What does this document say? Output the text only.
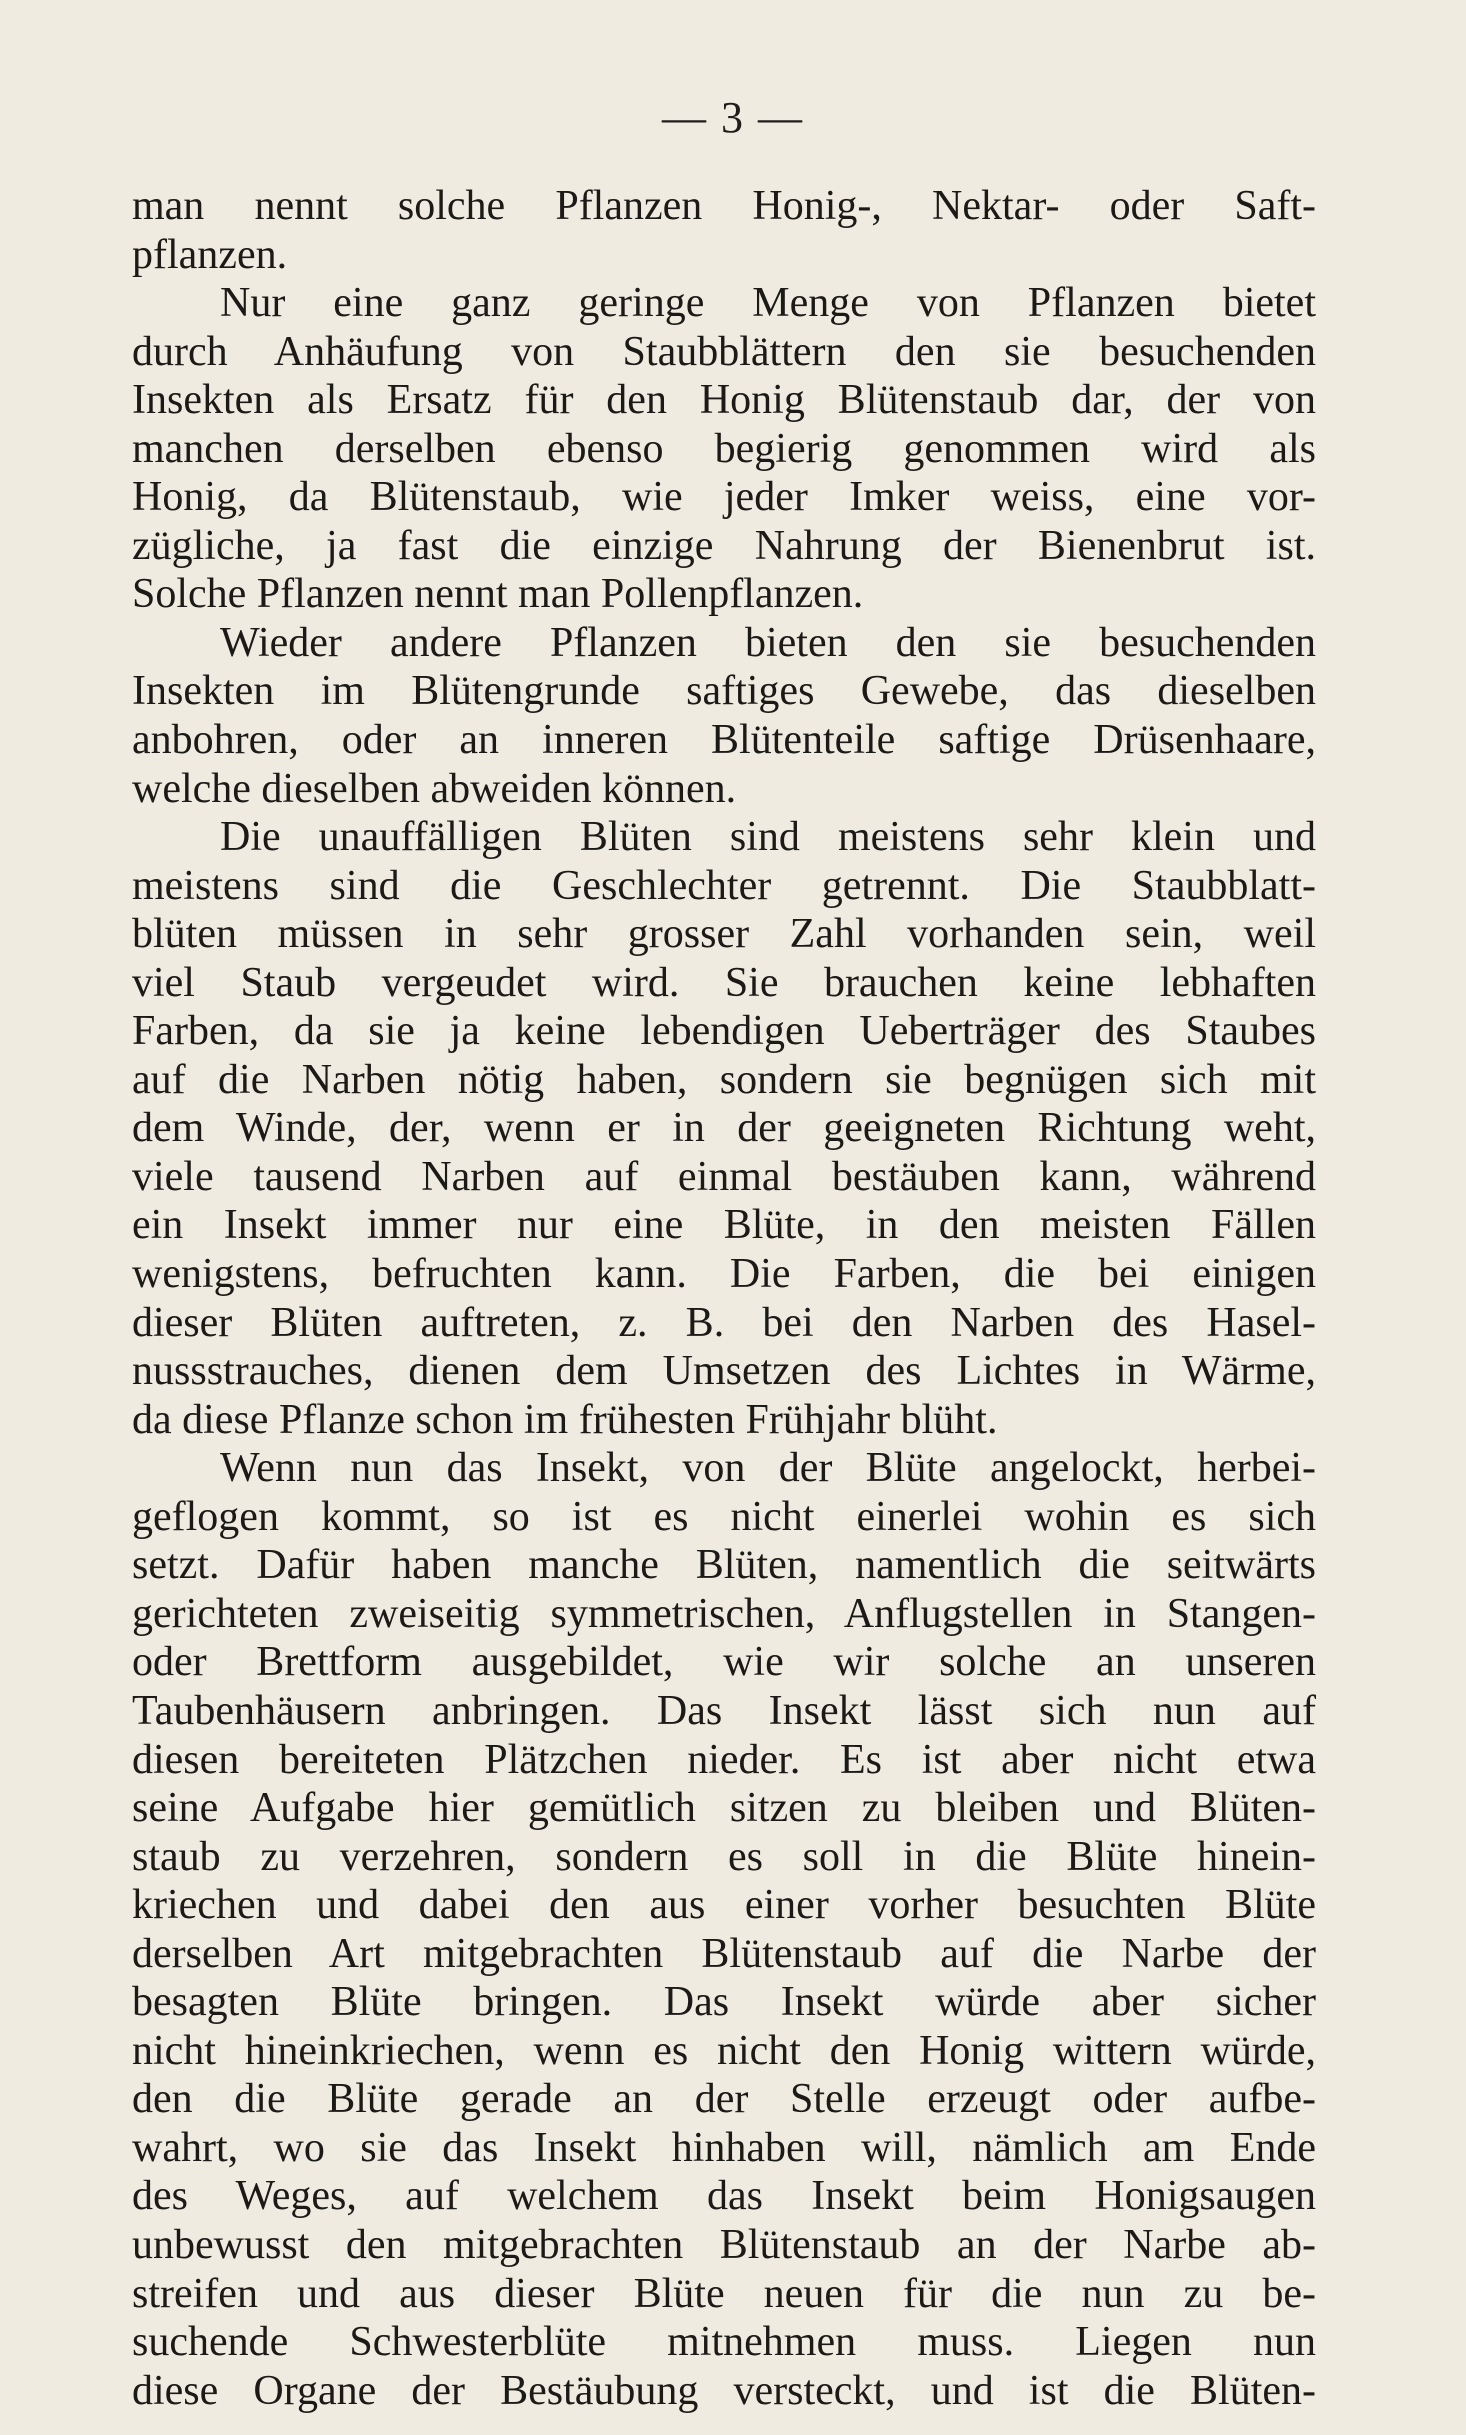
— 3 —

man nennt solche Pflanzen Honig-, Nektar- oder Saft-

pflanzen.

Nur eine ganz geringe Menge von Pflanzen bietet

durch Anhäufung von Staubblättern den sie besuchenden

Insekten als Ersatz für den Honig Blütenstaub dar, der von

manchen derselben ebenso begierig genommen wird als

Honig, da Blütenstaub, wie jeder Imker weiss, eine vor-

zügliche, ja fast die einzige Nahrung der Bienenbrut ist.

Solche Pflanzen nennt man Pollenpflanzen.

Wieder andere Pflanzen bieten den sie besuchenden

Insekten im Blütengrunde saftiges Gewebe, das dieselben

anbohren, oder an inneren Blütenteile saftige Drüsenhaare,

welche dieselben abweiden können.

Die unauffälligen Blüten sind meistens sehr klein und

meistens sind die Geschlechter getrennt. Die Staubblatt-

blüten müssen in sehr grosser Zahl vorhanden sein, weil

viel Staub vergeudet wird. Sie brauchen keine lebhaften

Farben, da sie ja keine lebendigen Ueberträger des Staubes

auf die Narben nötig haben, sondern sie begnügen sich mit

dem Winde, der, wenn er in der geeigneten Richtung weht,

viele tausend Narben auf einmal bestäuben kann, während

ein Insekt immer nur eine Blüte, in den meisten Fällen

wenigstens, befruchten kann. Die Farben, die bei einigen

dieser Blüten auftreten, z. B. bei den Narben des Hasel-

nussstrauches, dienen dem Umsetzen des Lichtes in Wärme,

da diese Pflanze schon im frühesten Frühjahr blüht.

Wenn nun das Insekt, von der Blüte angelockt, herbei-

geflogen kommt, so ist es nicht einerlei wohin es sich

setzt. Dafür haben manche Blüten, namentlich die seitwärts

gerichteten zweiseitig symmetrischen, Anflugstellen in Stangen-

oder Brettform ausgebildet, wie wir solche an unseren

Taubenhäusern anbringen. Das Insekt lässt sich nun auf

diesen bereiteten Plätzchen nieder. Es ist aber nicht etwa

seine Aufgabe hier gemütlich sitzen zu bleiben und Blüten-

staub zu verzehren, sondern es soll in die Blüte hinein-

kriechen und dabei den aus einer vorher besuchten Blüte

derselben Art mitgebrachten Blütenstaub auf die Narbe der

besagten Blüte bringen. Das Insekt würde aber sicher

nicht hineinkriechen, wenn es nicht den Honig wittern würde,

den die Blüte gerade an der Stelle erzeugt oder aufbe-

wahrt, wo sie das Insekt hinhaben will, nämlich am Ende

des Weges, auf welchem das Insekt beim Honigsaugen

unbewusst den mitgebrachten Blütenstaub an der Narbe ab-

streifen und aus dieser Blüte neuen für die nun zu be-

suchende Schwesterblüte mitnehmen muss. Liegen nun

diese Organe der Bestäubung versteckt, und ist die Blüten-
